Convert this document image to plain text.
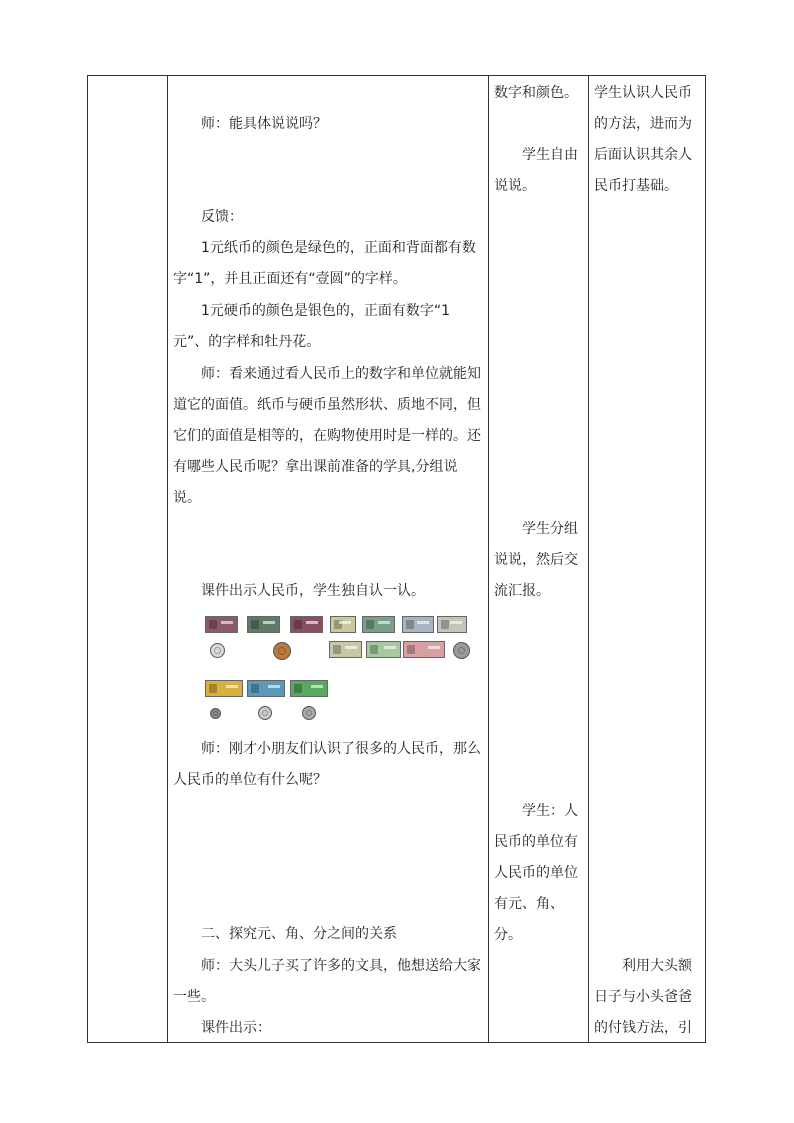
师：能具体说说吗？

反馈：

1元纸币的颜色是绿色的，正面和背面都有数字“1”，并且正面还有“壹圆”的字样。

1元硬币的颜色是银色的，正面有数字“1元”、的字样和牡丹花。

师：看来通过看人民币上的数字和单位就能知道它的面值。纸币与硬币虽然形状、质地不同，但它们的面值是相等的，在购物使用时是一样的。还有哪些人民币呢？拿出课前准备的学具,分组说说。

课件出示人民币，学生独自认一认。

师：刚才小朋友们认识了很多的人民币，那么人民币的单位有什么呢？

二、探究元、角、分之间的关系

师：大头儿子买了许多的文具，他想送给大家一些。

课件出示：

数字和颜色。

学生自由说说。

学生分组说说，然后交流汇报。

学生：人民币的单位有人民币的单位有元、角、分。

学生认识人民币的方法，进而为后面认识其余人民币打基础。

利用大头额日子与小头爸爸的付钱方法，引
